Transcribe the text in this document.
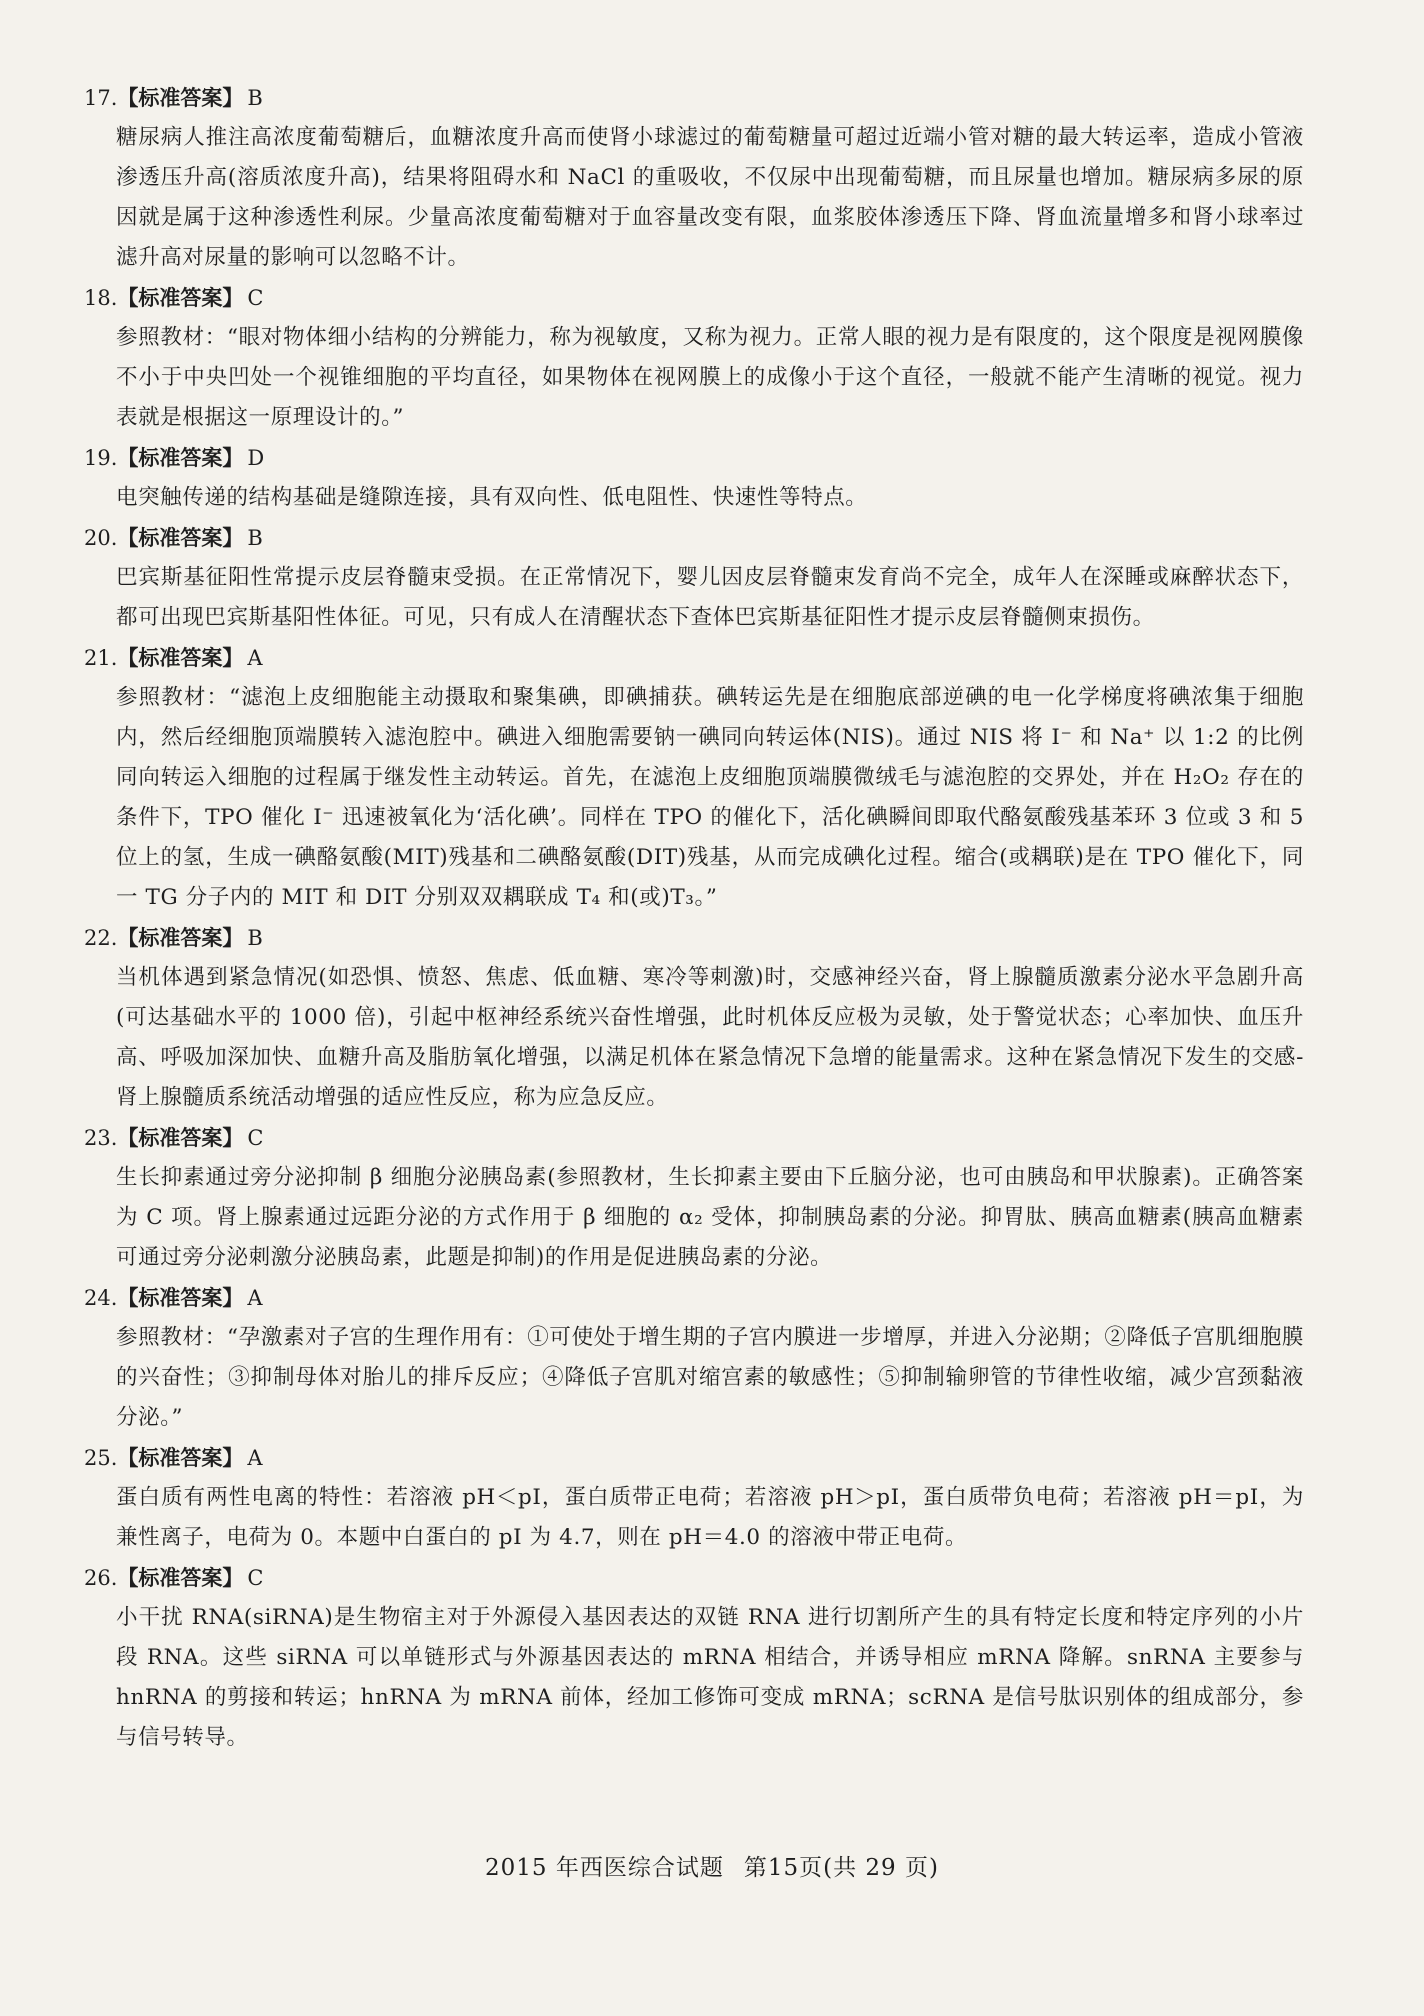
17.【标准答案】 B

糖尿病人推注高浓度葡萄糖后，血糖浓度升高而使肾小球滤过的葡萄糖量可超过近端小管对糖的最大转运率，造成小管液渗透压升高(溶质浓度升高)，结果将阻碍水和 NaCl 的重吸收，不仅尿中出现葡萄糖，而且尿量也增加。糖尿病多尿的原因就是属于这种渗透性利尿。少量高浓度葡萄糖对于血容量改变有限，血浆胶体渗透压下降、肾血流量增多和肾小球率过滤升高对尿量的影响可以忽略不计。

18.【标准答案】 C

参照教材：“眼对物体细小结构的分辨能力，称为视敏度，又称为视力。正常人眼的视力是有限度的，这个限度是视网膜像不小于中央凹处一个视锥细胞的平均直径，如果物体在视网膜上的成像小于这个直径，一般就不能产生清晰的视觉。视力表就是根据这一原理设计的。”

19.【标准答案】 D

电突触传递的结构基础是缝隙连接，具有双向性、低电阻性、快速性等特点。

20.【标准答案】 B

巴宾斯基征阳性常提示皮层脊髓束受损。在正常情况下，婴儿因皮层脊髓束发育尚不完全，成年人在深睡或麻醉状态下，都可出现巴宾斯基阳性体征。可见，只有成人在清醒状态下查体巴宾斯基征阳性才提示皮层脊髓侧束损伤。

21.【标准答案】 A

参照教材：“滤泡上皮细胞能主动摄取和聚集碘，即碘捕获。碘转运先是在细胞底部逆碘的电一化学梯度将碘浓集于细胞内，然后经细胞顶端膜转入滤泡腔中。碘进入细胞需要钠一碘同向转运体(NIS)。通过 NIS 将 I⁻ 和 Na⁺ 以 1:2 的比例同向转运入细胞的过程属于继发性主动转运。首先，在滤泡上皮细胞顶端膜微绒毛与滤泡腔的交界处，并在 H₂O₂ 存在的条件下，TPO 催化 I⁻ 迅速被氧化为‘活化碘’。同样在 TPO 的催化下，活化碘瞬间即取代酪氨酸残基苯环 3 位或 3 和 5 位上的氢，生成一碘酪氨酸(MIT)残基和二碘酪氨酸(DIT)残基，从而完成碘化过程。缩合(或耦联)是在 TPO 催化下，同一 TG 分子内的 MIT 和 DIT 分别双双耦联成 T₄ 和(或)T₃。”

22.【标准答案】 B

当机体遇到紧急情况(如恐惧、愤怒、焦虑、低血糖、寒冷等刺激)时，交感神经兴奋，肾上腺髓质激素分泌水平急剧升高(可达基础水平的 1000 倍)，引起中枢神经系统兴奋性增强，此时机体反应极为灵敏，处于警觉状态；心率加快、血压升高、呼吸加深加快、血糖升高及脂肪氧化增强，以满足机体在紧急情况下急增的能量需求。这种在紧急情况下发生的交感-肾上腺髓质系统活动增强的适应性反应，称为应急反应。

23.【标准答案】 C

生长抑素通过旁分泌抑制 β 细胞分泌胰岛素(参照教材，生长抑素主要由下丘脑分泌，也可由胰岛和甲状腺素)。正确答案为 C 项。肾上腺素通过远距分泌的方式作用于 β 细胞的 α₂ 受体，抑制胰岛素的分泌。抑胃肽、胰高血糖素(胰高血糖素可通过旁分泌刺激分泌胰岛素，此题是抑制)的作用是促进胰岛素的分泌。

24.【标准答案】 A

参照教材：“孕激素对子宫的生理作用有：①可使处于增生期的子宫内膜进一步增厚，并进入分泌期；②降低子宫肌细胞膜的兴奋性；③抑制母体对胎儿的排斥反应；④降低子宫肌对缩宫素的敏感性；⑤抑制输卵管的节律性收缩，减少宫颈黏液分泌。”

25.【标准答案】 A

蛋白质有两性电离的特性：若溶液 pH＜pI，蛋白质带正电荷；若溶液 pH＞pI，蛋白质带负电荷；若溶液 pH＝pI，为兼性离子，电荷为 0。本题中白蛋白的 pI 为 4.7，则在 pH＝4.0 的溶液中带正电荷。

26.【标准答案】 C

小干扰 RNA(siRNA)是生物宿主对于外源侵入基因表达的双链 RNA 进行切割所产生的具有特定长度和特定序列的小片段 RNA。这些 siRNA 可以单链形式与外源基因表达的 mRNA 相结合，并诱导相应 mRNA 降解。snRNA 主要参与 hnRNA 的剪接和转运；hnRNA 为 mRNA 前体，经加工修饰可变成 mRNA；scRNA 是信号肽识别体的组成部分，参与信号转导。

2015 年西医综合试题 第15页(共 29 页)
